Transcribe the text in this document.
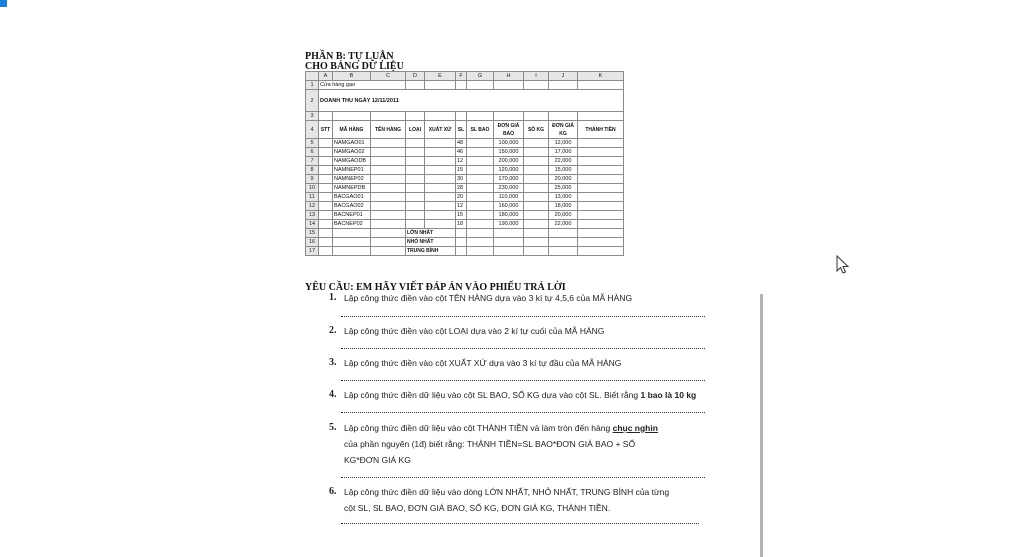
PHẦN B: TỰ LUẬN
CHO BẢNG DỮ LIỆU
	A	B	C	D	E	F	G	H	I	J	K
1	Cửa hàng gạo										
2	DOANH THU NGÀY 12/11/2011										
3											
4	STT	MÃ HÀNG	TÊN HÀNG	LOẠI	XUẤT XỨ	SL	SL BAO	ĐƠN GIÁ BAO	SỐ KG	ĐƠN GIÁ KG	THÀNH TIỀN
5		NAMGAO01				48		100,000		12,000	
6		NAMGAO02				46		150,000		17,000	
7		NAMGAODB				12		200,000		22,000	
8		NAMNEP01				15		120,000		15,000	
9		NAMNEP02				30		170,000		20,000	
10		NAMNEPDB				28		230,000		25,000	
11		BACGAO01				20		110,000		13,000	
12		BACGAO02				12		160,000		18,000	
13		BACNEP01				15		180,000		20,000	
14		BACNEP02				18		190,000		22,000	
15				LỚN NHẤT							
16				NHỎ NHẤT							
17				TRUNG BÌNH							
YÊU CẦU: EM HÃY VIẾT ĐÁP ÁN VÀO PHIẾU TRẢ LỜI
1. Lập công thức điền vào cột TÊN HÀNG dựa vào 3 kí tự 4,5,6 của MÃ HÀNG
2. Lập công thức điền vào cột LOẠI dựa vào 2 kí tự cuối của MÃ HÀNG
3. Lập công thức điền vào cột XUẤT XỨ dựa vào 3 kí tự đầu của MÃ HÀNG
4. Lập công thức điền dữ liệu vào cột SL BAO, SỐ KG dựa vào cột SL. Biết rằng 1 bao là 10 kg
5. Lập công thức điền dữ liệu vào cột THÀNH TIỀN và làm tròn đến hàng chục nghìn
của phần nguyên (1đ) biết rằng: THÀNH TIỀN=SL BAO*ĐƠN GIÁ BAO + SỐ
KG*ĐƠN GIÁ KG
6. Lập công thức điền dữ liệu vào dòng LỚN NHẤT, NHỎ NHẤT, TRUNG BÌNH của từng
cột SL, SL BAO, ĐƠN GIÁ BAO, SỐ KG, ĐƠN GIÁ KG, THÀNH TIỀN.
